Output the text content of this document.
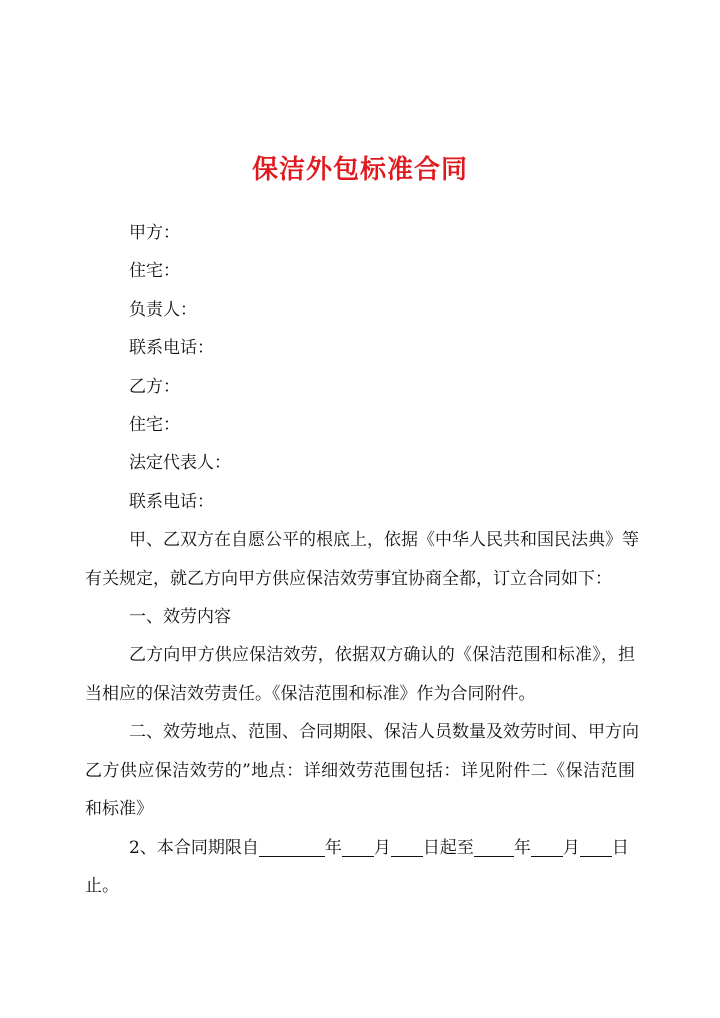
保洁外包标准合同
甲方：
住宅：
负责人：
联系电话：
乙方：
住宅：
法定代表人：
联系电话：
甲、乙双方在自愿公平的根底上，依据《中华人民共和国民法典》等
有关规定，就乙方向甲方供应保洁效劳事宜协商全都，订立合同如下：
一、效劳内容
乙方向甲方供应保洁效劳，依据双方确认的《保洁范围和标准》，担
当相应的保洁效劳责任。《保洁范围和标准》作为合同附件。
二、效劳地点、范围、合同期限、保洁人员数量及效劳时间、甲方向
乙方供应保洁效劳的”地点：详细效劳范围包括：详见附件二《保洁范围
和标准》
2、本合同期限自	年 月 日起至 年 月 日
止。
